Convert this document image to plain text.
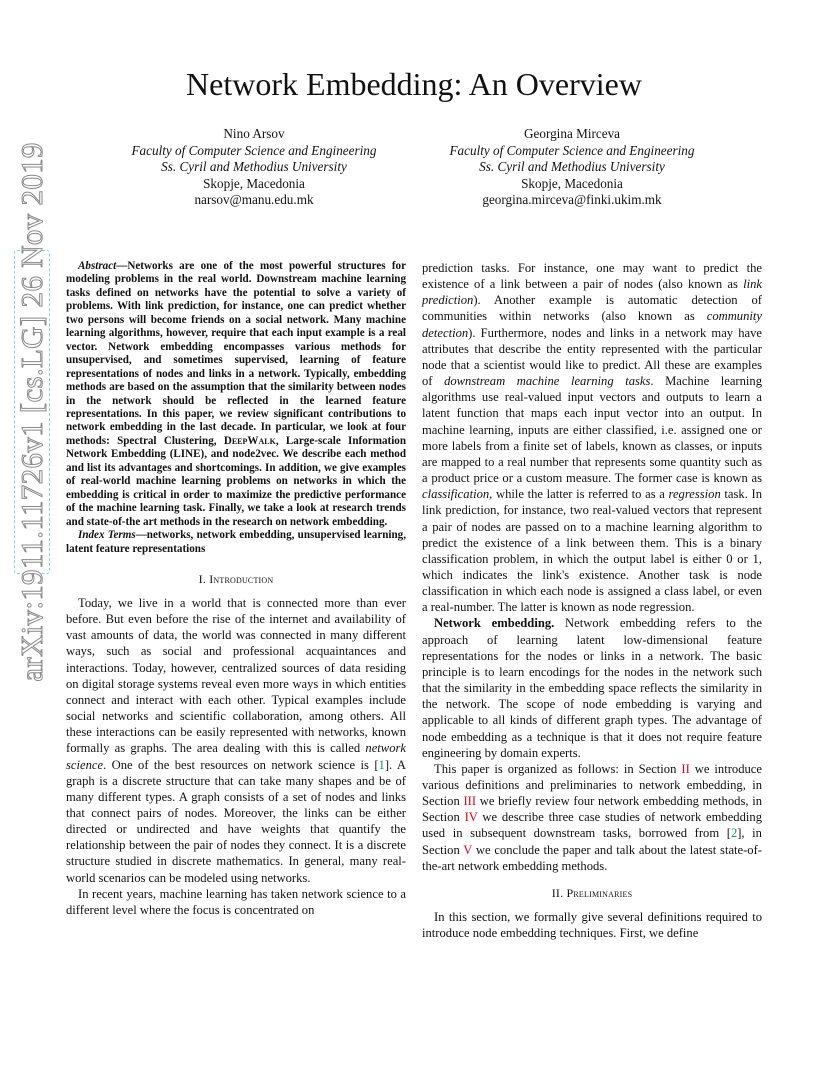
arXiv:1911.11726v1 [cs.LG] 26 Nov 2019
Network Embedding: An Overview
Nino Arsov
Faculty of Computer Science and Engineering
Ss. Cyril and Methodius University
Skopje, Macedonia
narsov@manu.edu.mk
Georgina Mirceva
Faculty of Computer Science and Engineering
Ss. Cyril and Methodius University
Skopje, Macedonia
georgina.mirceva@finki.ukim.mk

Abstract—Networks are one of the most powerful structures for modeling problems in the real world. Downstream machine learning tasks defined on networks have the potential to solve a variety of problems. With link prediction, for instance, one can predict whether two persons will become friends on a social network. Many machine learning algorithms, however, require that each input example is a real vector. Network embedding encompasses various methods for unsupervised, and sometimes supervised, learning of feature representations of nodes and links in a network. Typically, embedding methods are based on the assumption that the similarity between nodes in the network should be reflected in the learned feature representations. In this paper, we review significant contributions to network embedding in the last decade. In particular, we look at four methods: Spectral Clustering, DeepWalk, Large-scale Information Network Embedding (LINE), and node2vec. We describe each method and list its advantages and shortcomings. In addition, we give examples of real-world machine learning problems on networks in which the embedding is critical in order to maximize the predictive performance of the machine learning task. Finally, we take a look at research trends and state-of-the art methods in the research on network embedding.

Index Terms—networks, network embedding, unsupervised learning, latent feature representations

I. Introduction

Today, we live in a world that is connected more than ever before. But even before the rise of the internet and availability of vast amounts of data, the world was connected in many different ways, such as social and professional acquaintances and interactions. Today, however, centralized sources of data residing on digital storage systems reveal even more ways in which entities connect and interact with each other. Typical examples include social networks and scientific collaboration, among others. All these interactions can be easily represented with networks, known formally as graphs. The area dealing with this is called network science. One of the best resources on network science is [1]. A graph is a discrete structure that can take many shapes and be of many different types. A graph consists of a set of nodes and links that connect pairs of nodes. Moreover, the links can be either directed or undirected and have weights that quantify the relationship between the pair of nodes they connect. It is a discrete structure studied in discrete mathematics. In general, many real-world scenarios can be modeled using networks.

In recent years, machine learning has taken network science to a different level where the focus is concentrated on

prediction tasks. For instance, one may want to predict the existence of a link between a pair of nodes (also known as link prediction). Another example is automatic detection of communities within networks (also known as community detection). Furthermore, nodes and links in a network may have attributes that describe the entity represented with the particular node that a scientist would like to predict. All these are examples of downstream machine learning tasks. Machine learning algorithms use real-valued input vectors and outputs to learn a latent function that maps each input vector into an output. In machine learning, inputs are either classified, i.e. assigned one or more labels from a finite set of labels, known as classes, or inputs are mapped to a real number that represents some quantity such as a product price or a custom measure. The former case is known as classification, while the latter is referred to as a regression task. In link prediction, for instance, two real-valued vectors that represent a pair of nodes are passed on to a machine learning algorithm to predict the existence of a link between them. This is a binary classification problem, in which the output label is either 0 or 1, which indicates the link's existence. Another task is node classification in which each node is assigned a class label, or even a real-number. The latter is known as node regression.

Network embedding. Network embedding refers to the approach of learning latent low-dimensional feature representations for the nodes or links in a network. The basic principle is to learn encodings for the nodes in the network such that the similarity in the embedding space reflects the similarity in the network. The scope of node embedding is varying and applicable to all kinds of different graph types. The advantage of node embedding as a technique is that it does not require feature engineering by domain experts.

This paper is organized as follows: in Section II we introduce various definitions and preliminaries to network embedding, in Section III we briefly review four network embedding methods, in Section IV we describe three case studies of network embedding used in subsequent downstream tasks, borrowed from [2], in Section V we conclude the paper and talk about the latest state-of-the-art network embedding methods.

II. Preliminaries

In this section, we formally give several definitions required to introduce node embedding techniques. First, we define
